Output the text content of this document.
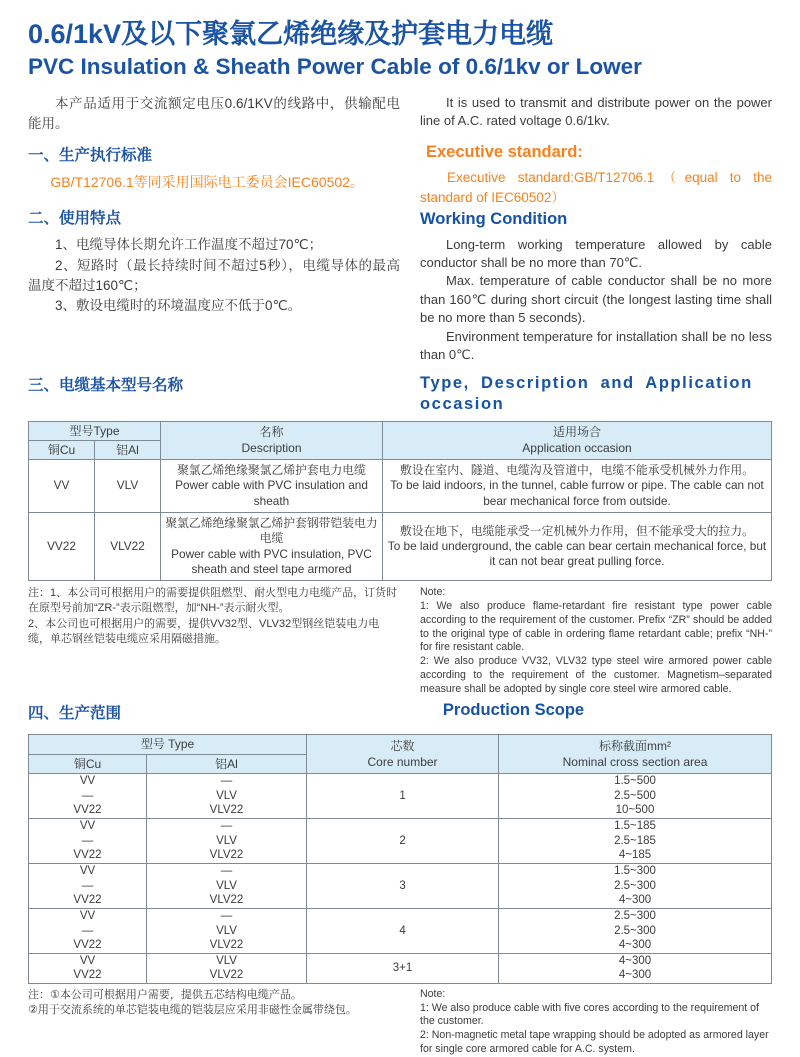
0.6/1kV及以下聚氯乙烯绝缘及护套电力电缆
PVC Insulation & Sheath Power Cable of 0.6/1kv or Lower

本产品适用于交流额定电压0.6/1KV的线路中，供输配电能用。

It is used to transmit and distribute power on the power line of A.C. rated voltage 0.6/1kv.

一、生产执行标准

GB/T12706.1等同采用国际电工委员会IEC60502。

二、使用特点

1、电缆导体长期允许工作温度不超过70℃；

2、短路时（最长持续时间不超过5秒），电缆导体的最高温度不超过160℃；

3、敷设电缆时的环境温度应不低于0℃。

Executive standard:

Executive standard:GB/T12706.1（equal to the standard of IEC60502）

Working Condition

Long-term working temperature allowed by cable conductor shall be no more than 70℃.

Max. temperature of cable conductor shall be no more than 160℃ during short circuit (the longest lasting time shall be no more than 5 seconds).

Environment temperature for installation shall be no less than 0℃.

三、电缆基本型号名称	Type, Description and Application occasion
型号Type		名称
Description	适用场合
Application occasion

铜Cu	铝Al		
VV	VLV	聚氯乙烯绝缘聚氯乙烯护套电力电缆
Power cable with PVC insulation and sheath	敷设在室内、隧道、电缆沟及管道中，电缆不能承受机械外力作用。
To be laid indoors, in the tunnel, cable furrow or pipe. The cable can not bear mechanical force from outside.

VV22	VLV22	聚氯乙烯绝缘聚氯乙烯护套钢带铠装电力电缆
Power cable with PVC insulation, PVC sheath and steel tape armored	敷设在地下，电缆能承受一定机械外力作用，但不能承受大的拉力。
To be laid underground, the cable can bear certain mechanical force, but it can not bear great pulling force.

注：1、本公司可根据用户的需要提供阻燃型、耐火型电力电缆产品，订货时在原型号前加“ZR-”表示阻燃型，加“NH-”表示耐火型。

2、本公司也可根据用户的需要，提供VV32型、VLV32型钢丝铠装电力电缆，单芯钢丝铠装电缆应采用隔磁措施。

Note:

1: We also produce flame-retardant fire resistant type power cable according to the requirement of the customer. Prefix “ZR” should be added to the original type of cable in ordering flame retardant cable; prefix “NH-” for fire resistant cable.

2: We also produce VV32, VLV32 type steel wire armored power cable according to the requirement of the customer. Magnetism–separated measure shall be adopted by single core steel wire armored cable.

四、生产范围	Production Scope
型号 Type		芯数
Core number	标称截面mm²
Nominal cross section area

铜Cu	铝Al		
VV	—	1	1.5~500
—	VLV		2.5~500
VV22	VLV22		10~500
VV	—	2	1.5~185
—	VLV		2.5~185
VV22	VLV22		4~185
VV	—	3	1.5~300
—	VLV		2.5~300
VV22	VLV22		4~300
VV	—	4	2.5~300
—	VLV		2.5~300
VV22	VLV22		4~300
VV	VLV	3+1	4~300
VV22	VLV22		4~300

注：①本公司可根据用户需要，提供五芯结构电缆产品。

②用于交流系统的单芯铠装电缆的铠装层应采用非磁性金属带绕包。

Note:

1: We also produce cable with five cores according to the requirement of the customer.

2: Non-magnetic metal tape wrapping should be adopted as armored layer for single core armored cable for A.C. system.
